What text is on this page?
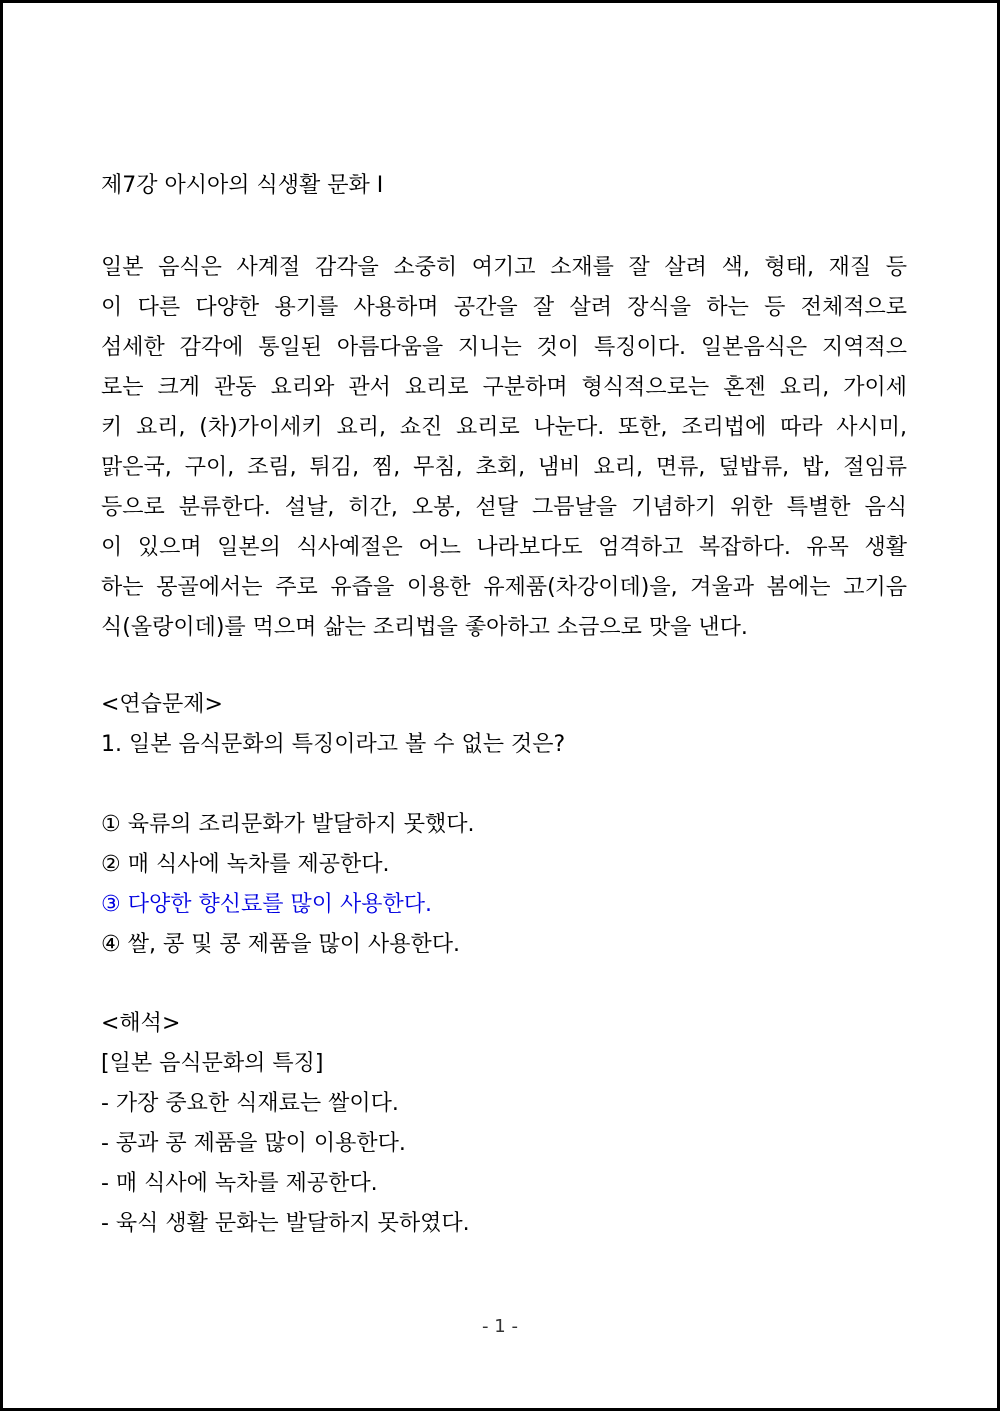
제7강 아시아의 식생활 문화 Ⅰ
일본 음식은 사계절 감각을 소중히 여기고 소재를 잘 살려 색, 형태, 재질 등
이 다른 다양한 용기를 사용하며 공간을 잘 살려 장식을 하는 등 전체적으로
섬세한 감각에 통일된 아름다움을 지니는 것이 특징이다. 일본음식은 지역적으
로는 크게 관동 요리와 관서 요리로 구분하며 형식적으로는 혼젠 요리, 가이세
키 요리, (차)가이세키 요리, 쇼진 요리로 나눈다. 또한, 조리법에 따라 사시미,
맑은국, 구이, 조림, 튀김, 찜, 무침, 초회, 냄비 요리, 면류, 덮밥류, 밥, 절임류
등으로 분류한다. 설날, 히간, 오봉, 섣달 그믐날을 기념하기 위한 특별한 음식
이 있으며 일본의 식사예절은 어느 나라보다도 엄격하고 복잡하다. 유목 생활
하는 몽골에서는 주로 유즙을 이용한 유제품(차강이데)을, 겨울과 봄에는 고기음
식(올랑이데)를 먹으며 삶는 조리법을 좋아하고 소금으로 맛을 낸다.
<연습문제>
1. 일본 음식문화의 특징이라고 볼 수 없는 것은?
① 육류의 조리문화가 발달하지 못했다.
② 매 식사에 녹차를 제공한다.
③ 다양한 향신료를 많이 사용한다.
④ 쌀, 콩 및 콩 제품을 많이 사용한다.
<해석>
[일본 음식문화의 특징]
- 가장 중요한 식재료는 쌀이다.
- 콩과 콩 제품을 많이 이용한다.
- 매 식사에 녹차를 제공한다.
- 육식 생활 문화는 발달하지 못하였다.
- 1 -
